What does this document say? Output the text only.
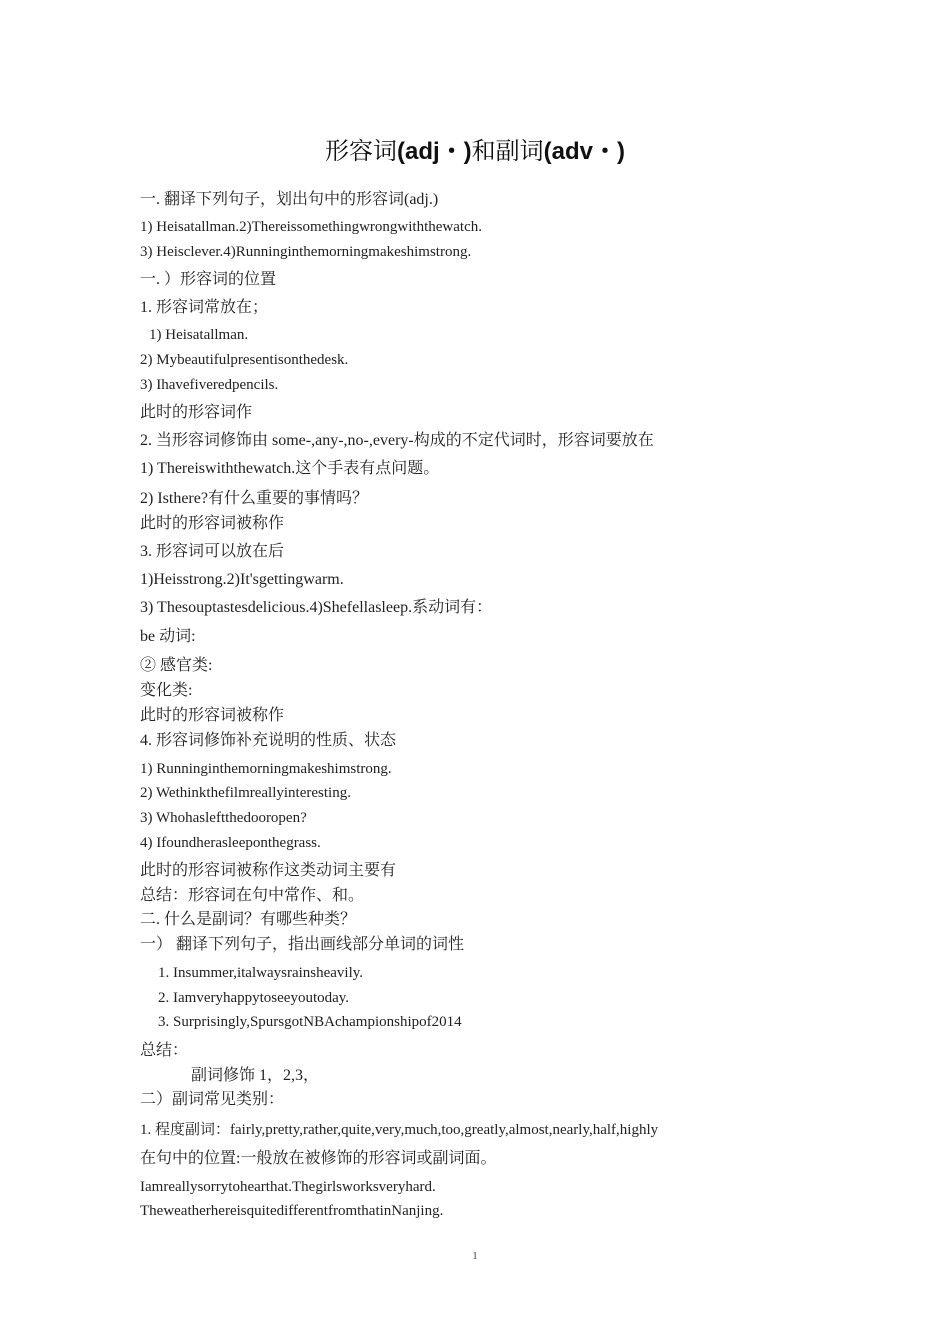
形容词(adj・)和副词(adv・)
一. 翻译下列句子，划出句中的形容词(adj.)
1) Heisatallman.2)Thereissomethingwrongwiththewatch.
3) Heisclever.4)Runninginthemorningmakeshimstrong.
一. ）形容词的位置
1. 形容词常放在；
1) Heisatallman.
2) Mybeautifulpresentisonthedesk.
3) Ihavefiveredpencils.
此时的形容词作
2. 当形容词修饰由 some-,any-,no-,every-构成的不定代词时，形容词要放在
1) Thereiswiththewatch.这个手表有点问题。
2) Isthere?有什么重要的事情吗？
此时的形容词被称作
3. 形容词可以放在后
1)Heisstrong.2)It'sgettingwarm.
3) Thesouptastesdelicious.4)Shefellasleep.系动词有：
be 动词:
② 感官类:
变化类:
此时的形容词被称作
4. 形容词修饰补充说明的性质、状态
1) Runninginthemorningmakeshimstrong.
2) Wethinkthefilmreallyinteresting.
3) Whohasleftthedooropen?
4) Ifoundherasleeponthegrass.
此时的形容词被称作这类动词主要有
总结：形容词在句中常作、和。
二. 什么是副词？有哪些种类？
一） 翻译下列句子，指出画线部分单词的词性
1. Insummer,italwaysrainsheavily.
2. Iamveryhappytoseeyoutoday.
3. Surprisingly,SpursgotNBAchampionshipof2014
总结：
副词修饰 1，2,3，
二）副词常见类别：
1. 程度副词：fairly,pretty,rather,quite,very,much,too,greatly,almost,nearly,half,highly
在句中的位置:一般放在被修饰的形容词或副词面。
Iamreallysorrytohearthat.Thegirlsworksveryhard.
TheweatherhereisquitedifferentfromthatinNanjing.
1
